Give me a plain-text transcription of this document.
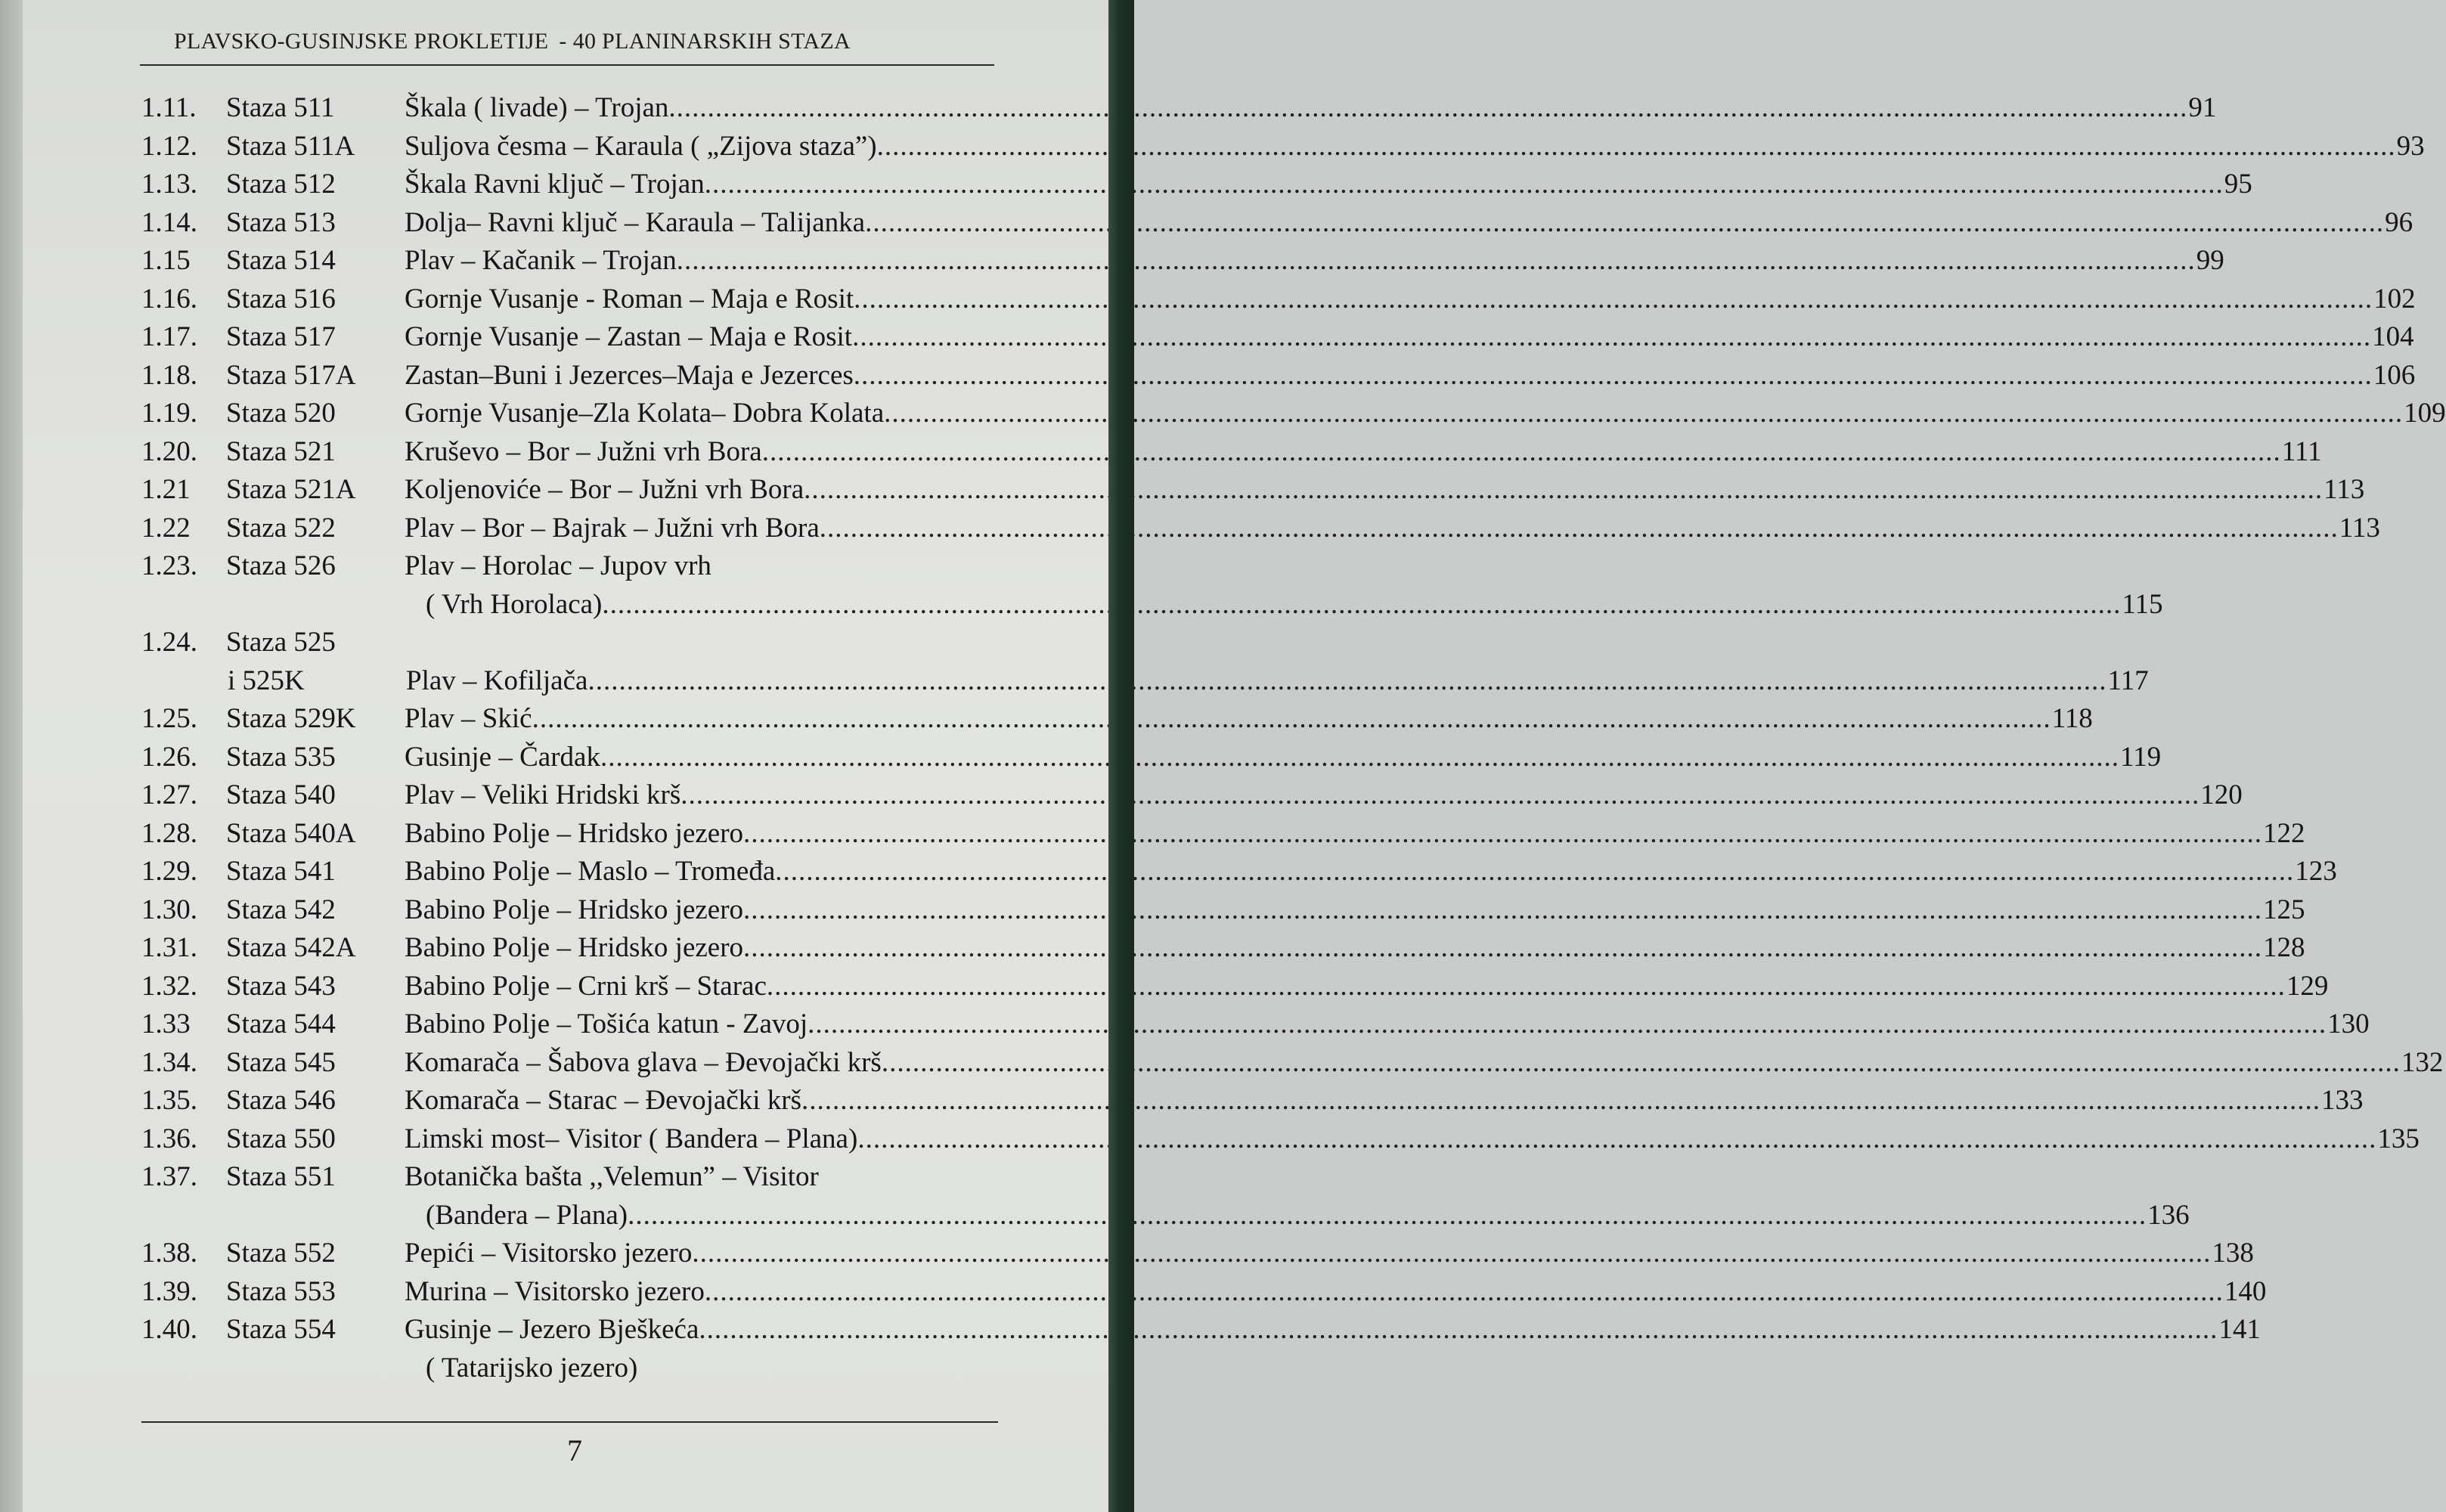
PLAVSKO-GUSINJSKE PROKLETIJE - 40 PLANINARSKIH STAZA
1.11.	Staza 511	Škala ( livade) – Trojan .....	91
1.12.	Staza 511A	Suljova česma – Karaula ( „Zijova staza”) .....	93
1.13.	Staza 512	Škala Ravni ključ – Trojan .....	95
1.14.	Staza 513	Dolja– Ravni ključ – Karaula – Talijanka .....	96
1.15	Staza 514	Plav – Kačanik – Trojan .....	99
1.16.	Staza 516	Gornje Vusanje - Roman – Maja e Rosit .....	102
1.17.	Staza 517	Gornje Vusanje – Zastan – Maja e Rosit .....	104
1.18.	Staza 517A	Zastan–Buni i Jezerces–Maja e Jezerces .....	106
1.19.	Staza 520	Gornje Vusanje–Zla Kolata– Dobra Kolata .....	109
1.20.	Staza 521	Kruševo – Bor – Južni vrh Bora .....	111
1.21	Staza 521A	Koljenoviće – Bor – Južni vrh Bora .....	113
1.22	Staza 522	Plav – Bor – Bajrak – Južni vrh Bora .....	113
1.23.	Staza 526	Plav – Horolac – Jupov vrh
( Vrh Horolaca) .....	115
1.24.	Staza 525
i 525K	Plav – Kofiljača .....	117
1.25.	Staza 529K	Plav – Skić .....	118
1.26.	Staza 535	Gusinje – Čardak .....	119
1.27.	Staza 540	Plav – Veliki Hridski krš .....	120
1.28.	Staza 540A	Babino Polje – Hridsko jezero .....	122
1.29.	Staza 541	Babino Polje – Maslo – Tromeđa .....	123
1.30.	Staza 542	Babino Polje – Hridsko jezero .....	125
1.31.	Staza 542A	Babino Polje – Hridsko jezero .....	128
1.32.	Staza 543	Babino Polje – Crni krš – Starac .....	129
1.33	Staza 544	Babino Polje – Tošića katun - Zavoj .....	130
1.34.	Staza 545	Komarača – Šabova glava – Đevojački krš .....	132
1.35.	Staza 546	Komarača – Starac – Đevojački krš .....	133
1.36.	Staza 550	Limski most– Visitor ( Bandera – Plana) .....	135
1.37.	Staza 551	Botanička bašta ,,Velemun” – Visitor
(Bandera – Plana) .....	136
1.38.	Staza 552	Pepići – Visitorsko jezero .....	138
1.39.	Staza 553	Murina – Visitorsko jezero .....	140
1.40.	Staza 554	Gusinje – Jezero Bješkeća .....	141
( Tatarijsko jezero)
7
